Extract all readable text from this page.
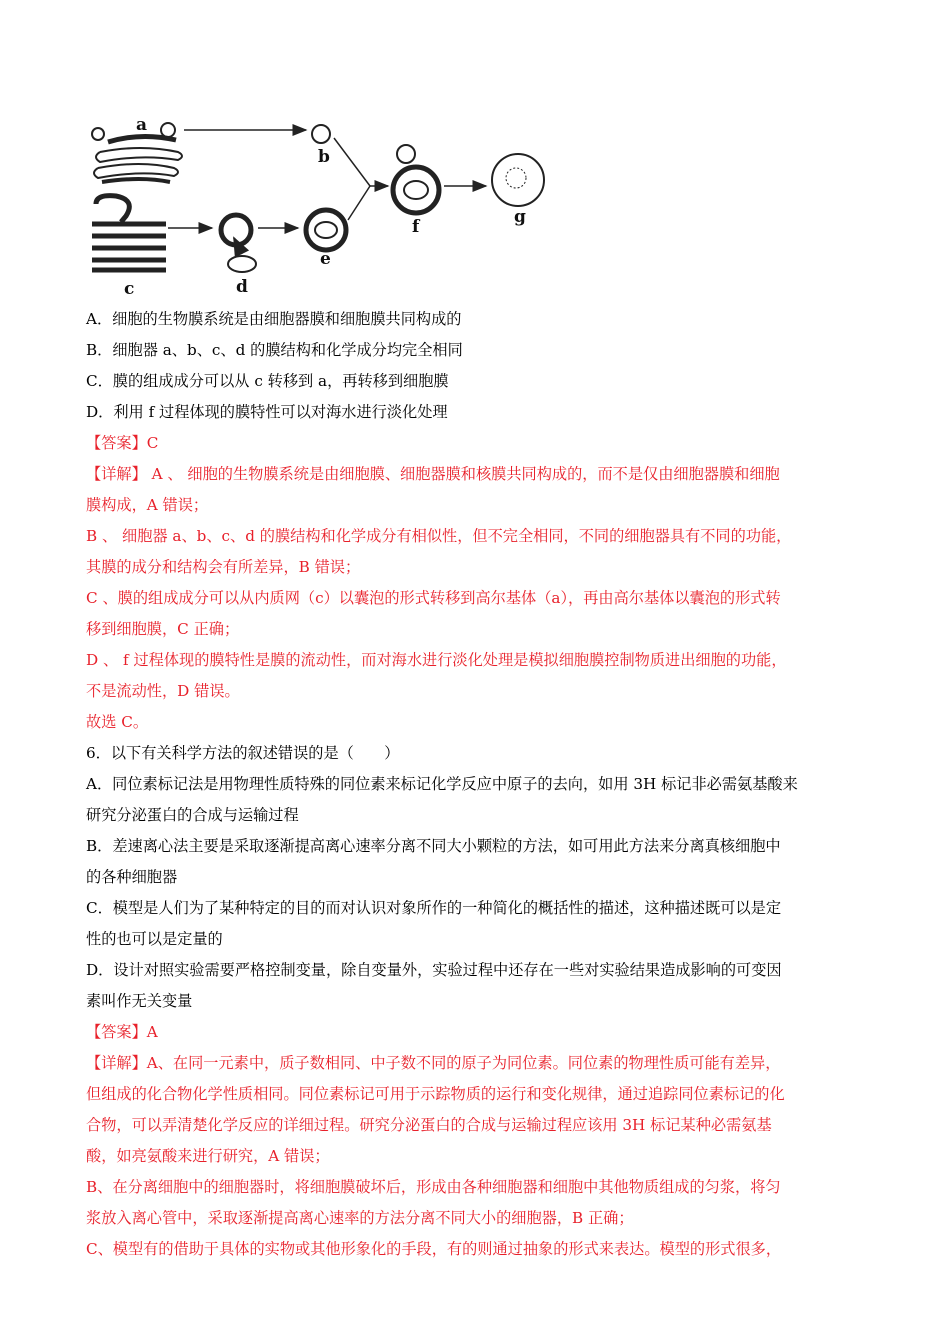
a
b
c	d
e
f	g

A．细胞的生物膜系统是由细胞器膜和细胞膜共同构成的

B．细胞器 a、b、c、d 的膜结构和化学成分均完全相同

C．膜的组成成分可以从 c 转移到 a，再转移到细胞膜

D．利用 f 过程体现的膜特性可以对海水进行淡化处理

【答案】C

【详解】 A 、 细胞的生物膜系统是由细胞膜、细胞器膜和核膜共同构成的，而不是仅由细胞器膜和细胞

膜构成，A 错误；

B 、 细胞器 a、b、c、d 的膜结构和化学成分有相似性，但不完全相同，不同的细胞器具有不同的功能，

其膜的成分和结构会有所差异，B 错误；

C 、膜的组成成分可以从内质网（c）以囊泡的形式转移到高尔基体（a），再由高尔基体以囊泡的形式转

移到细胞膜，C 正确；

D 、 f 过程体现的膜特性是膜的流动性，而对海水进行淡化处理是模拟细胞膜控制物质进出细胞的功能，

不是流动性，D 错误。

故选 C。

6．以下有关科学方法的叙述错误的是（　　）

A．同位素标记法是用物理性质特殊的同位素来标记化学反应中原子的去向，如用 3H 标记非必需氨基酸来

研究分泌蛋白的合成与运输过程

B．差速离心法主要是采取逐渐提高离心速率分离不同大小颗粒的方法，如可用此方法来分离真核细胞中

的各种细胞器

C．模型是人们为了某种特定的目的而对认识对象所作的一种简化的概括性的描述，这种描述既可以是定

性的也可以是定量的

D．设计对照实验需要严格控制变量，除自变量外，实验过程中还存在一些对实验结果造成影响的可变因

素叫作无关变量

【答案】A

【详解】A、在同一元素中，质子数相同、中子数不同的原子为同位素。同位素的物理性质可能有差异，

但组成的化合物化学性质相同。同位素标记可用于示踪物质的运行和变化规律，通过追踪同位素标记的化

合物，可以弄清楚化学反应的详细过程。研究分泌蛋白的合成与运输过程应该用 3H 标记某种必需氨基

酸，如亮氨酸来进行研究，A 错误；

B、在分离细胞中的细胞器时，将细胞膜破坏后，形成由各种细胞器和细胞中其他物质组成的匀浆，将匀

浆放入离心管中，采取逐渐提高离心速率的方法分离不同大小的细胞器，B 正确；

C、模型有的借助于具体的实物或其他形象化的手段，有的则通过抽象的形式来表达。模型的形式很多，
